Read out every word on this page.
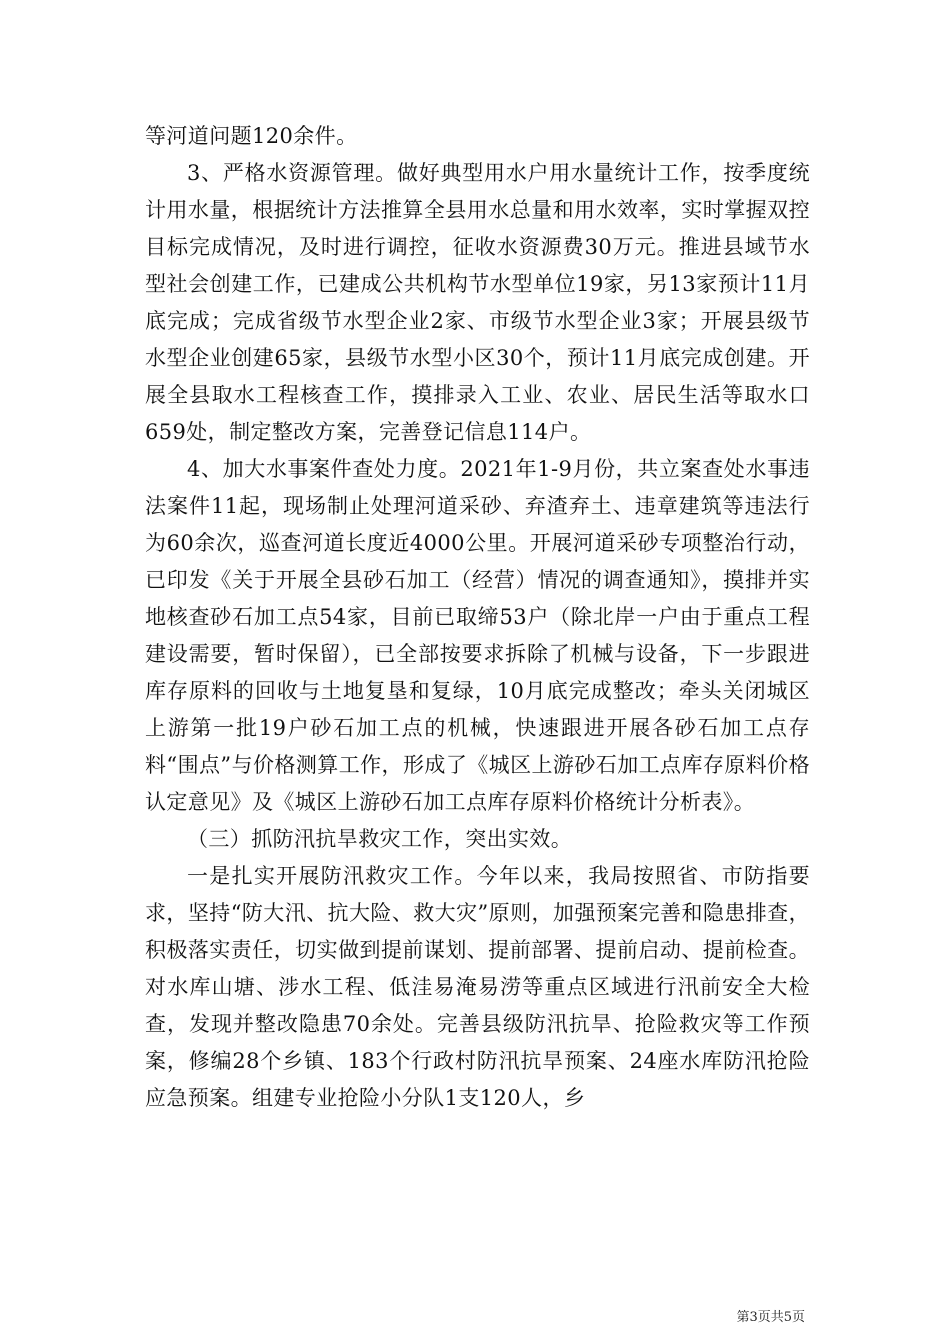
等河道问题120余件。

3、严格水资源管理。做好典型用水户用水量统计工作，按季度统计用水量，根据统计方法推算全县用水总量和用水效率，实时掌握双控目标完成情况，及时进行调控，征收水资源费30万元。推进县域节水型社会创建工作，已建成公共机构节水型单位19家，另13家预计11月底完成；完成省级节水型企业2家、市级节水型企业3家；开展县级节水型企业创建65家，县级节水型小区30个，预计11月底完成创建。开展全县取水工程核查工作，摸排录入工业、农业、居民生活等取水口659处，制定整改方案，完善登记信息114户。

4、加大水事案件查处力度。2021年1-9月份，共立案查处水事违法案件11起，现场制止处理河道采砂、弃渣弃土、违章建筑等违法行为60余次，巡查河道长度近4000公里。开展河道采砂专项整治行动，已印发《关于开展全县砂石加工（经营）情况的调查通知》，摸排并实地核查砂石加工点54家，目前已取缔53户（除北岸一户由于重点工程建设需要，暂时保留），已全部按要求拆除了机械与设备，下一步跟进库存原料的回收与土地复垦和复绿，10月底完成整改；牵头关闭城区上游第一批19户砂石加工点的机械，快速跟进开展各砂石加工点存料“围点”与价格测算工作，形成了《城区上游砂石加工点库存原料价格认定意见》及《城区上游砂石加工点库存原料价格统计分析表》。

（三）抓防汛抗旱救灾工作，突出实效。

一是扎实开展防汛救灾工作。今年以来，我局按照省、市防指要求，坚持“防大汛、抗大险、救大灾”原则，加强预案完善和隐患排查，积极落实责任，切实做到提前谋划、提前部署、提前启动、提前检查。对水库山塘、涉水工程、低洼易淹易涝等重点区域进行汛前安全大检查，发现并整改隐患70余处。完善县级防汛抗旱、抢险救灾等工作预案，修编28个乡镇、183个行政村防汛抗旱预案、24座水库防汛抢险应急预案。组建专业抢险小分队1支120人，乡

第3页共5页
